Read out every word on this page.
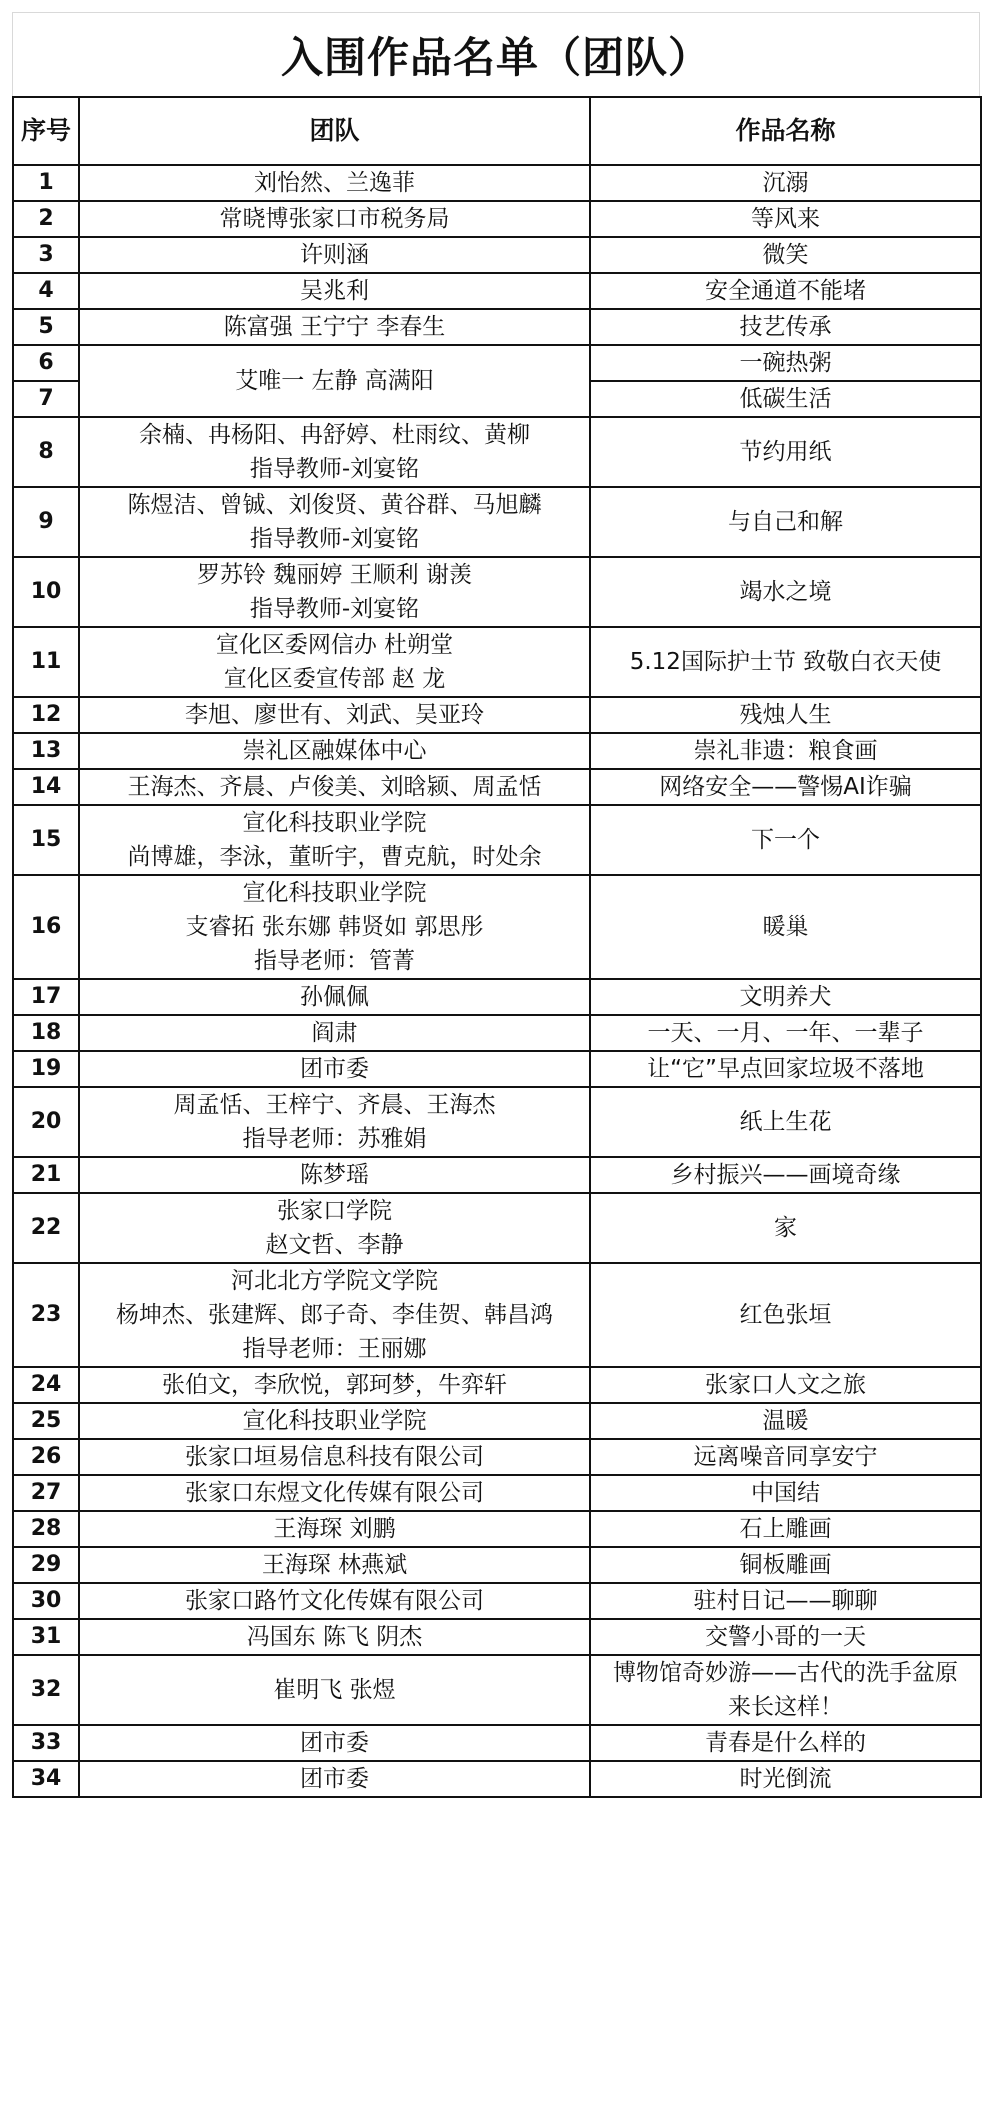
入围作品名单（团队）
序号	团队	作品名称
1	刘怡然、兰逸菲	沉溺

2	常晓博张家口市税务局	等风来

3	许则涵	微笑

4	吴兆利	安全通道不能堵

5	陈富强 王宁宁 李春生	技艺传承

6	艾唯一 左静 高满阳	一碗热粥

7		低碳生活

8	余楠、冉杨阳、冉舒婷、杜雨纹、黄柳
指导教师-刘宴铭	节约用纸

9	陈煜洁、曾铖、刘俊贤、黄谷群、马旭麟
指导教师-刘宴铭	与自己和解

10	罗苏铃 魏丽婷 王顺利 谢羡
指导教师-刘宴铭	竭水之境

11	宣化区委网信办 杜朔堂
宣化区委宣传部 赵 龙	5.12国际护士节 致敬白衣天使

12	李旭、廖世有、刘武、吴亚玲	残烛人生

13	崇礼区融媒体中心	崇礼非遗：粮食画

14	王海杰、齐晨、卢俊美、刘晗颍、周孟恬	网络安全——警惕AI诈骗

15	宣化科技职业学院
尚博雄，李泳，董昕宇，曹克航，时处余	下一个

16	宣化科技职业学院
支睿拓 张东娜 韩贤如 郭思彤
指导老师：管菁	暖巢

17	孙佩佩	文明养犬

18	阎肃	一天、一月、一年、一辈子

19	团市委	让“它”早点回家垃圾不落地

20	周孟恬、王梓宁、齐晨、王海杰
指导老师：苏雅娟	纸上生花

21	陈梦瑶	乡村振兴——画境奇缘

22	张家口学院
赵文哲、李静	家

23	河北北方学院文学院
杨坤杰、张建辉、郎子奇、李佳贺、韩昌鸿
指导老师：王丽娜	红色张垣

24	张伯文，李欣悦，郭珂梦，牛弈轩	张家口人文之旅

25	宣化科技职业学院	温暖

26	张家口垣易信息科技有限公司	远离噪音同享安宁

27	张家口东煜文化传媒有限公司	中国结

28	王海琛 刘鹏	石上雕画

29	王海琛 林燕斌	铜板雕画

30	张家口路竹文化传媒有限公司	驻村日记——聊聊

31	冯国东 陈飞 阴杰	交警小哥的一天

32	崔明飞 张煜	博物馆奇妙游——古代的洗手盆原
来长这样！

33	团市委	青春是什么样的

34	团市委	时光倒流
